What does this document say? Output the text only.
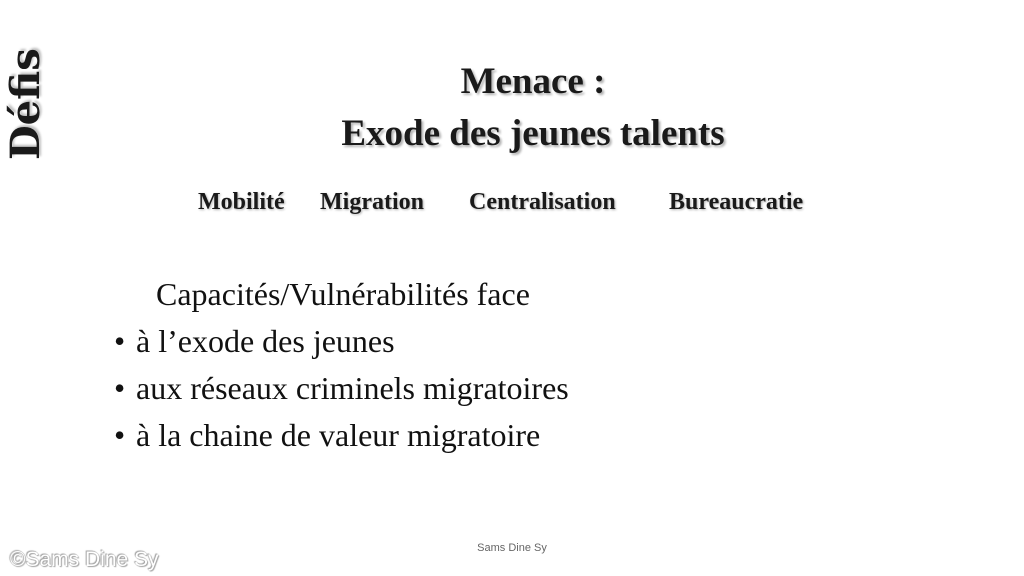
Défis	Menace :
Exode des jeunes talents
Mobilité Migration Centralisation Bureaucratie
Capacités/Vulnérabilités face
• à l’exode des jeunes
• aux réseaux criminels migratoires
• à la chaine de valeur migratoire
Sams Dine Sy
©Sams Dine Sy
